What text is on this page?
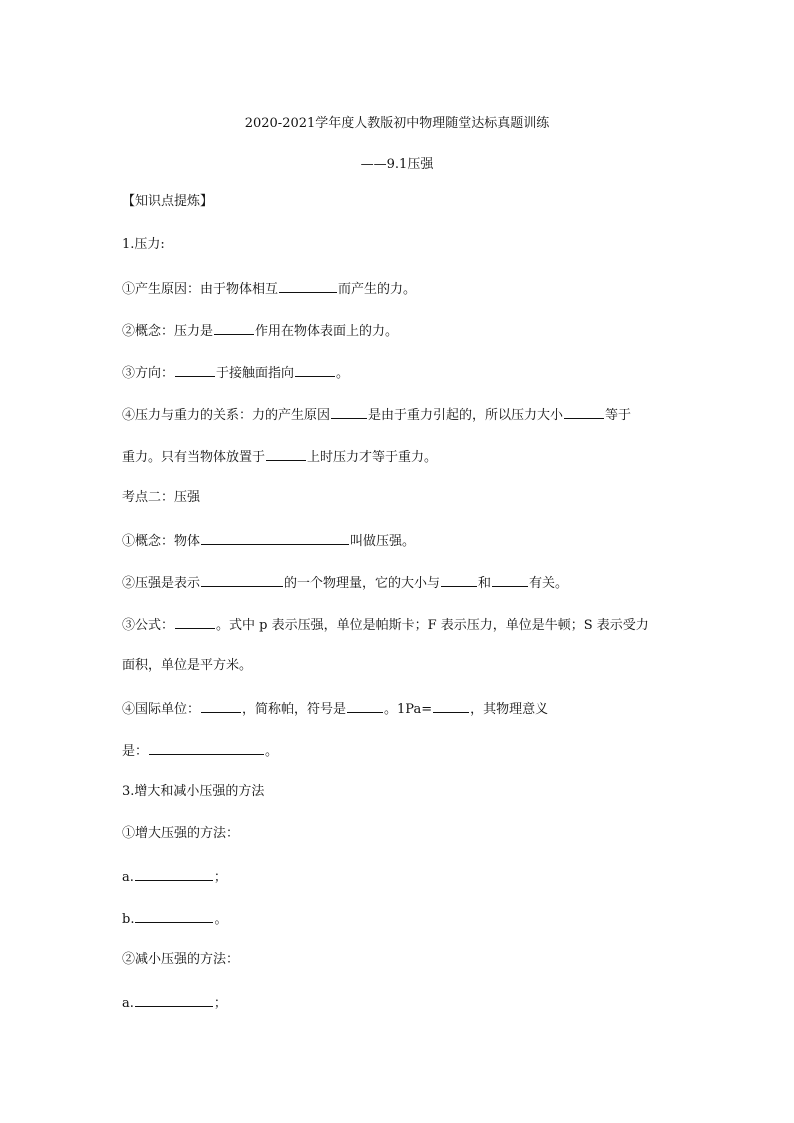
2020-2021学年度人教版初中物理随堂达标真题训练
——9.1压强
【知识点提炼】
1.压力:
①产生原因：由于物体相互	而产生的力。
②概念：压力是	作用在物体表面上的力。
③方向：	于接触面指向	。
④压力与重力的关系：力的产生原因	是由于重力引起的，所以压力大小	等于
重力。只有当物体放置于	上时压力才等于重力。
考点二：压强
①概念：物体	叫做压强。
②压强是表示	的一个物理量，它的大小与	和	有关。
③公式：	。式中 p 表示压强，单位是帕斯卡；F 表示压力，单位是牛顿；S 表示受力
面积，单位是平方米。
④国际单位：	，简称帕，符号是	。1Pa=	，其物理意义
是：	。
3.增大和减小压强的方法
①增大压强的方法：
a.	；
b.	。
②减小压强的方法：
a.	；
